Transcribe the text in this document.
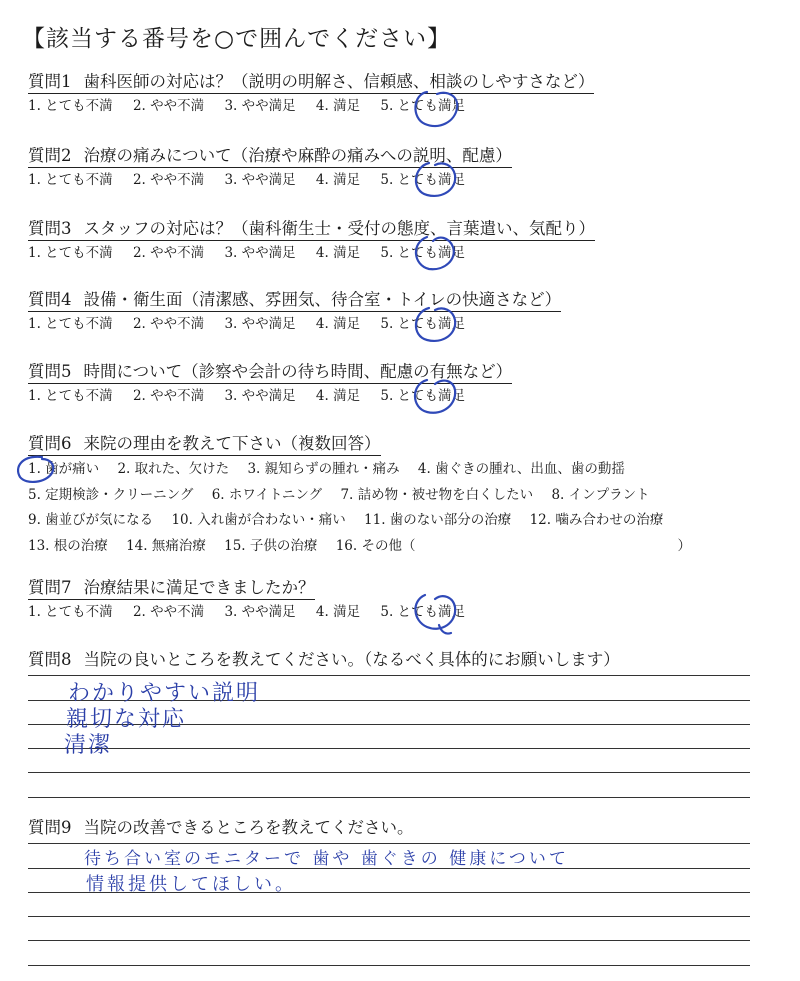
【該当する番号を○で囲んでください】
質問1 歯科医師の対応は？（説明の明解さ、信頼感、相談のしやすさなど）
1. とても不満 2. やや不満 3. やや満足 4. 満足 5. とても満足
質問2 治療の痛みについて（治療や麻酔の痛みへの説明、配慮）
1. とても不満 2. やや不満 3. やや満足 4. 満足 5. とても満足
質問3 スタッフの対応は？（歯科衛生士・受付の態度、言葉遣い、気配り）
1. とても不満 2. やや不満 3. やや満足 4. 満足 5. とても満足
質問4 設備・衛生面（清潔感、雰囲気、待合室・トイレの快適さなど）
1. とても不満 2. やや不満 3. やや満足 4. 満足 5. とても満足
質問5 時間について（診察や会計の待ち時間、配慮の有無など）
1. とても不満 2. やや不満 3. やや満足 4. 満足 5. とても満足
質問6 来院の理由を教えて下さい（複数回答）
1. 歯が痛い 2. 取れた、欠けた 3. 親知らずの腫れ・痛み 4. 歯ぐきの腫れ、出血、歯の動揺
5. 定期検診・クリーニング 6. ホワイトニング 7. 詰め物・被せ物を白くしたい 8. インプラント
9. 歯並びが気になる 10. 入れ歯が合わない・痛い 11. 歯のない部分の治療 12. 噛み合わせの治療
13. 根の治療 14. 無痛治療 15. 子供の治療 16. その他（	）
質問7 治療結果に満足できましたか？
1. とても不満 2. やや不満 3. やや満足 4. 満足 5. とても満足
質問8 当院の良いところを教えてください。（なるべく具体的にお願いします）
わかりやすい説明
親切な対応
清潔
質問9 当院の改善できるところを教えてください。
待ち合い室のモニターで 歯や 歯ぐきの 健康について
情報提供してほしい。
